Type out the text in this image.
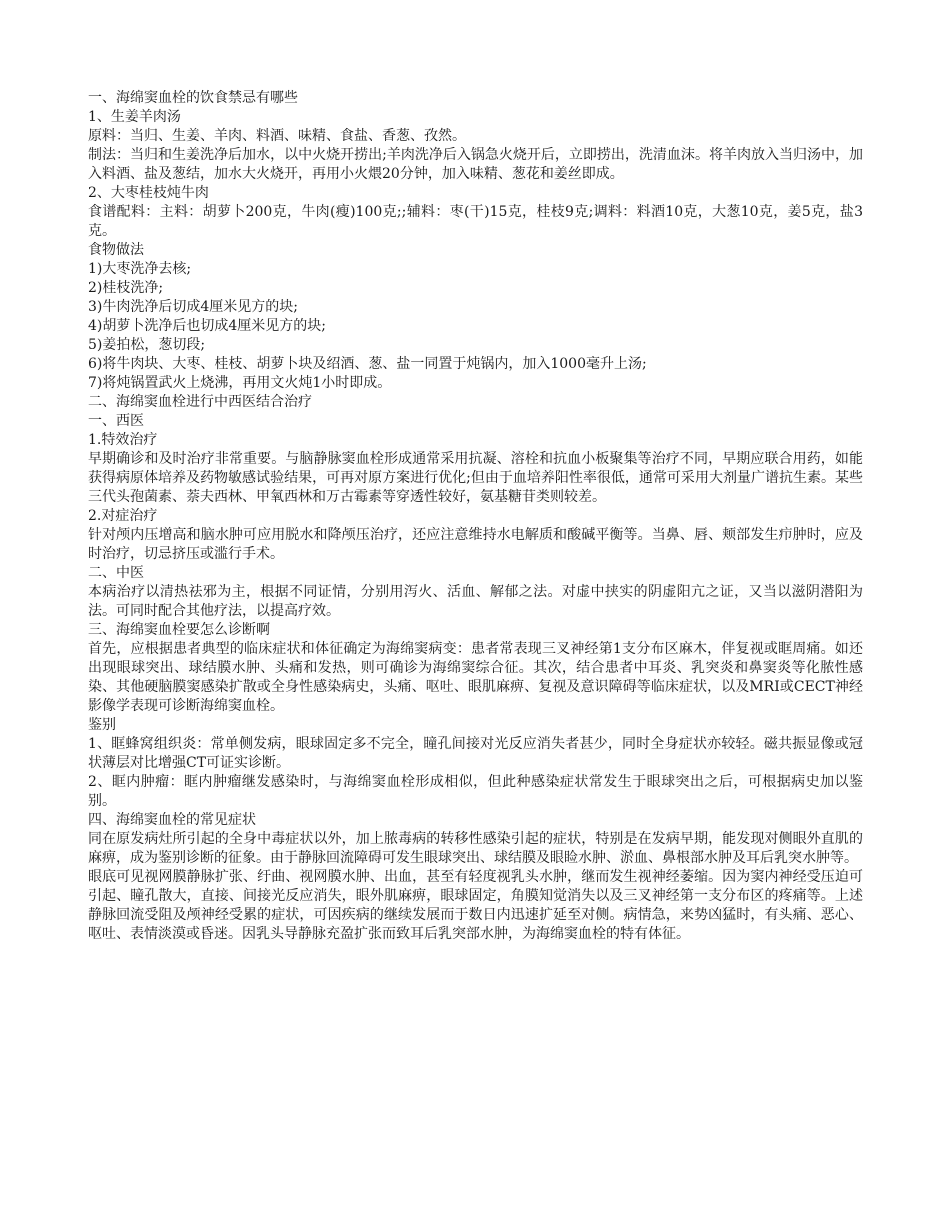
一、海绵窦血栓的饮食禁忌有哪些

1、生姜羊肉汤

原料：当归、生姜、羊肉、料酒、味精、食盐、香葱、孜然。

制法：当归和生姜洗净后加水，以中火烧开捞出;羊肉洗净后入锅急火烧开后，立即捞出，洗清血沫。将羊肉放入当归汤中，加入料酒、盐及葱结，加水大火烧开，再用小火煨20分钟，加入味精、葱花和姜丝即成。

2、大枣桂枝炖牛肉

食谱配料：主料：胡萝卜200克，牛肉(瘦)100克;;辅料：枣(干)15克，桂枝9克;调料：料酒10克，大葱10克，姜5克，盐3克。

食物做法

1)大枣洗净去核;

2)桂枝洗净;

3)牛肉洗净后切成4厘米见方的块;

4)胡萝卜洗净后也切成4厘米见方的块;

5)姜拍松，葱切段;

6)将牛肉块、大枣、桂枝、胡萝卜块及绍酒、葱、盐一同置于炖锅内，加入1000毫升上汤;

7)将炖锅置武火上烧沸，再用文火炖1小时即成。

二、海绵窦血栓进行中西医结合治疗

一、西医

1.特效治疗

早期确诊和及时治疗非常重要。与脑静脉窦血栓形成通常采用抗凝、溶栓和抗血小板聚集等治疗不同，早期应联合用药，如能获得病原体培养及药物敏感试验结果，可再对原方案进行优化;但由于血培养阳性率很低，通常可采用大剂量广谱抗生素。某些三代头孢菌素、萘夫西林、甲氧西林和万古霉素等穿透性较好，氨基糖苷类则较差。

2.对症治疗

针对颅内压增高和脑水肿可应用脱水和降颅压治疗，还应注意维持水电解质和酸碱平衡等。当鼻、唇、颊部发生疖肿时，应及时治疗，切忌挤压或滥行手术。

二、中医

本病治疗以清热祛邪为主，根据不同证情，分别用泻火、活血、解郁之法。对虚中挟实的阴虚阳亢之证，又当以滋阴潜阳为法。可同时配合其他疗法，以提高疗效。

三、海绵窦血栓要怎么诊断啊

首先，应根据患者典型的临床症状和体征确定为海绵窦病变：患者常表现三叉神经第1支分布区麻木，伴复视或眶周痛。如还出现眼球突出、球结膜水肿、头痛和发热，则可确诊为海绵窦综合征。其次，结合患者中耳炎、乳突炎和鼻窦炎等化脓性感染、其他硬脑膜窦感染扩散或全身性感染病史，头痛、呕吐、眼肌麻痹、复视及意识障碍等临床症状，以及MRI或CECT神经影像学表现可诊断海绵窦血栓。

鉴别

1、眶蜂窝组织炎：常单侧发病，眼球固定多不完全，瞳孔间接对光反应消失者甚少，同时全身症状亦较轻。磁共振显像或冠状薄层对比增强CT可证实诊断。

2、眶内肿瘤：眶内肿瘤继发感染时，与海绵窦血栓形成相似，但此种感染症状常发生于眼球突出之后，可根据病史加以鉴别。

四、海绵窦血栓的常见症状

同在原发病灶所引起的全身中毒症状以外，加上脓毒病的转移性感染引起的症状，特别是在发病早期，能发现对侧眼外直肌的麻痹，成为鉴别诊断的征象。由于静脉回流障碍可发生眼球突出、球结膜及眼睑水肿、淤血、鼻根部水肿及耳后乳突水肿等。

眼底可见视网膜静脉扩张、纡曲、视网膜水肿、出血，甚至有轻度视乳头水肿，继而发生视神经萎缩。因为窦内神经受压迫可引起、瞳孔散大，直接、间接光反应消失，眼外肌麻痹，眼球固定，角膜知觉消失以及三叉神经第一支分布区的疼痛等。上述静脉回流受阻及颅神经受累的症状，可因疾病的继续发展而于数日内迅速扩延至对侧。病情急，来势凶猛时，有头痛、恶心、呕吐、表情淡漠或昏迷。因乳头导静脉充盈扩张而致耳后乳突部水肿，为海绵窦血栓的特有体征。
